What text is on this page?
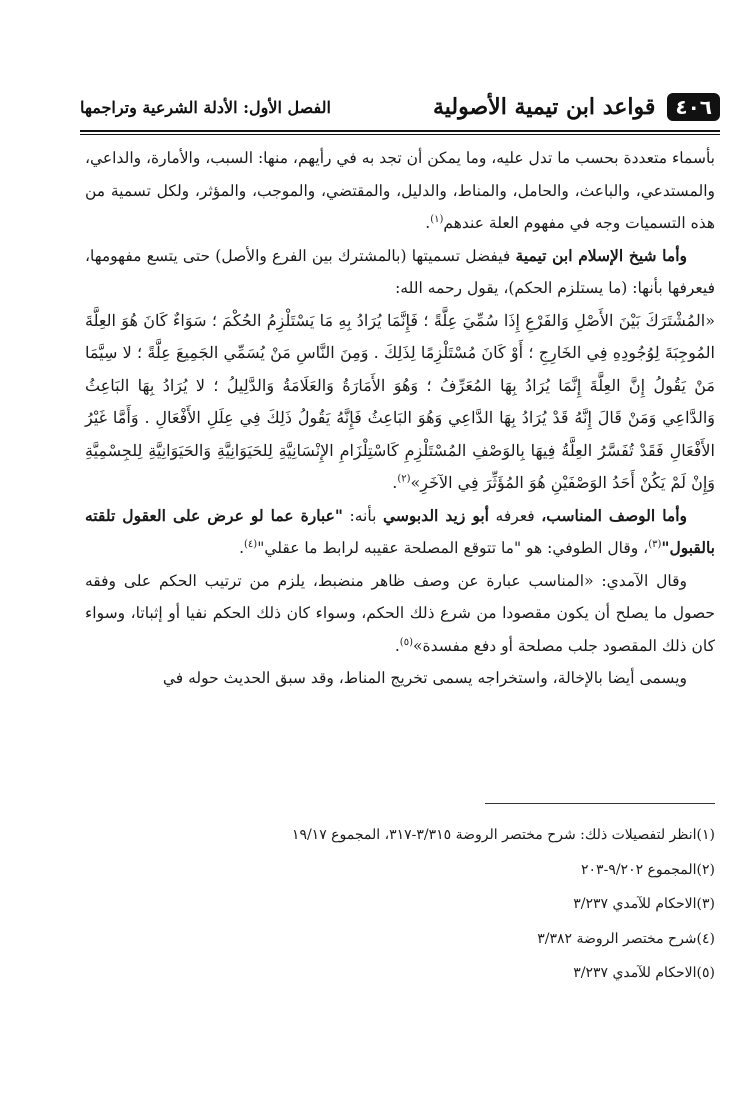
٤٠٦
قواعد ابن تيمية الأصولية
الفصل الأول: الأدلة الشرعية وتراجمها

بأسماء متعددة بحسب ما تدل عليه، وما يمكن أن تجد به في رأيهم، منها: السبب، والأمارة، والداعي، والمستدعي، والباعث، والحامل، والمناط، والدليل، والمقتضي، والموجب، والمؤثر، ولكل تسمية من هذه التسميات وجه في مفهوم العلة عندهم$^{(١)}$.

وأما شيخ الإسلام ابن تيمية فيفضل تسميتها (بالمشترك بين الفرع والأصل) حتى يتسع مفهومها، فيعرفها بأنها: (ما يستلزم الحكم)، يقول رحمه الله:

«المُشْتَرَكَ بَيْنَ الأَصْلِ وَالفَرْعِ إِذَا سُمِّيَ عِلَّةً ؛ فَإِنَّمَا يُرَادُ بِهِ مَا يَسْتَلْزِمُ الحُكْمَ ؛ سَوَاءٌ كَانَ هُوَ العِلَّةَ المُوجِبَةَ لِوُجُودِهِ فِي الخَارِجِ ؛ أَوْ كَانَ مُسْتَلْزِمًا لِذَلِكَ . وَمِنَ النَّاسِ مَنْ يُسَمِّي الجَمِيعَ عِلَّةً ؛ لا سِيَّمَا مَنْ يَقُولُ إِنَّ العِلَّةَ إِنَّمَا يُرَادُ بِهَا المُعَرِّفُ ؛ وَهُوَ الأَمَارَةُ وَالعَلَامَةُ وَالدَّلِيلُ ؛ لا يُرَادُ بِهَا البَاعِثُ وَالدَّاعِي وَمَنْ قَالَ إِنَّهُ قَدْ يُرَادُ بِهَا الدَّاعِي وَهُوَ البَاعِثُ فَإِنَّهُ يَقُولُ ذَلِكَ فِي عِلَلِ الأَفْعَالِ . وَأَمَّا غَيْرُ الأَفْعَالِ فَقَدْ تُفَسَّرُ العِلَّةُ فِيهَا بِالوَصْفِ المُسْتَلْزِمِ كَاسْتِلْزَامِ الإِنْسَانِيَّةِ لِلحَيَوَانِيَّةِ وَالحَيَوَانِيَّةِ لِلجِسْمِيَّةِ وَإِنْ لَمْ يَكُنْ أَحَدُ الوَصْفَيْنِ هُوَ المُؤَثِّرَ فِي الآخَرِ»$^{(٢)}$.

وأما الوصف المناسب، فعرفه أبو زيد الدبوسي بأنه: "عبارة عما لو عرض على العقول تلقته بالقبول"$^{(٣)}$، وقال الطوفي: هو "ما تتوقع المصلحة عقيبه لرابط ما عقلي"$^{(٤)}$.

وقال الآمدي: «المناسب عبارة عن وصف ظاهر منضبط، يلزم من ترتيب الحكم على وفقه حصول ما يصلح أن يكون مقصودا من شرع ذلك الحكم، وسواء كان ذلك الحكم نفيا أو إثباتا، وسواء كان ذلك المقصود جلب مصلحة أو دفع مفسدة»$^{(٥)}$.

ويسمى أيضا بالإخالة، واستخراجه يسمى تخريج المناط، وقد سبق الحديث حوله في

(١)انظر لتفصيلات ذلك: شرح مختصر الروضة ٣/٣١٥-٣١٧، المجموع ١٩/١٧
(٢)المجموع ٩/٢٠٢-٢٠٣
(٣)الاحكام للآمدي ٣/٢٣٧
(٤)شرح مختصر الروضة ٣/٣٨٢
(٥)الاحكام للآمدي ٣/٢٣٧
